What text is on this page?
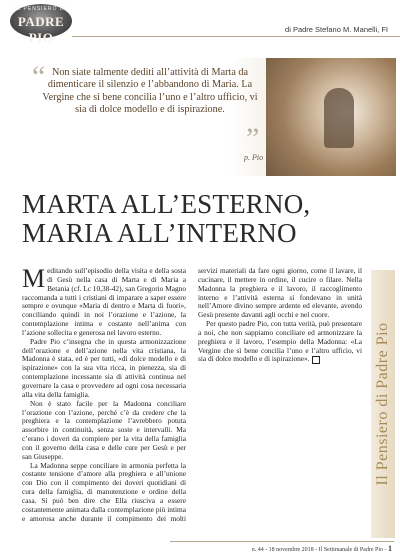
IL PENSIERO DI
PADRE PIO
di Padre Stefano M. Manelli, FI
“ Non siate talmente dediti all’attività di Marta da dimenticare il silenzio e l’abbandono di Maria. La Vergine che sì bene concilia l’uno e l’altro ufficio, vi sia di dolce modello e di ispirazione.
”
p. Pio
MARTA ALL’ESTERNO,
MARIA ALL’INTERNO

Meditando sull’episodio della visita e della sosta di Gesù nella casa di Marta e di Maria a Betania (cf. Lc 10,38-42), san Gregorio Magno raccomanda a tutti i cristiani di imparare a saper essere sempre e ovunque «Maria di dentro e Marta di fuori», conciliando quindi in noi l’orazione e l’azione, la contemplazione intima e costante nell’anima con l’azione sollecita e generosa nel lavoro esterno.

Padre Pio c’insegna che in questa armonizzazione dell’orazione e dell’azione nella vita cristiana, la Madonna è stata, ed è per tutti, «di dolce modello e di ispirazione» con la sua vita ricca, in pienezza, sia di contemplazione incessante sia di attività continua nel governare la casa e provvedere ad ogni cosa necessaria alla vita della famiglia.

Non è stato facile per la Madonna conciliare l’orazione con l’azione, perché c’è da credere che la preghiera e la contemplazione l’avrebbero potuta assorbire in continuità, senza soste e intervalli. Ma c’erano i doveri da compiere per la vita della famiglia con il governo della casa e delle cure per Gesù e per san Giuseppe.

La Madonna seppe conciliare in armonia perfetta la costante tensione d’amore alla preghiera e all’unione con Dio con il compimento dei doveri quotidiani di cura della famiglia, di manutenzione e ordine della casa. Si può ben dire che Ella riusciva a essere costantemente animata dalla contemplazione più intima e amorosa anche durante il compimento dei molti servizi materiali da fare ogni giorno, come il lavare, il cucinare, il mettere in ordine, il cucire o filare. Nella Madonna la preghiera e il lavoro, il raccoglimento interno e l’attività esterna si fondevano in unità nell’Amore divino sempre ardente ed elevante, avendo Gesù presente davanti agli occhi e nel cuore.

Per questo padre Pio, con tutta verità, può presentare a noi, che non sappiamo conciliare ed armonizzare la preghiera e il lavoro, l’esempio della Madonna: «La Vergine che sì bene concilia l’uno e l’altro ufficio, vi sia di dolce modello e di ispirazione».	Il Pensiero di Padre Pio
n. 44 - 18 novembre 2018 - Il Settimanale di Padre Pio - 1
